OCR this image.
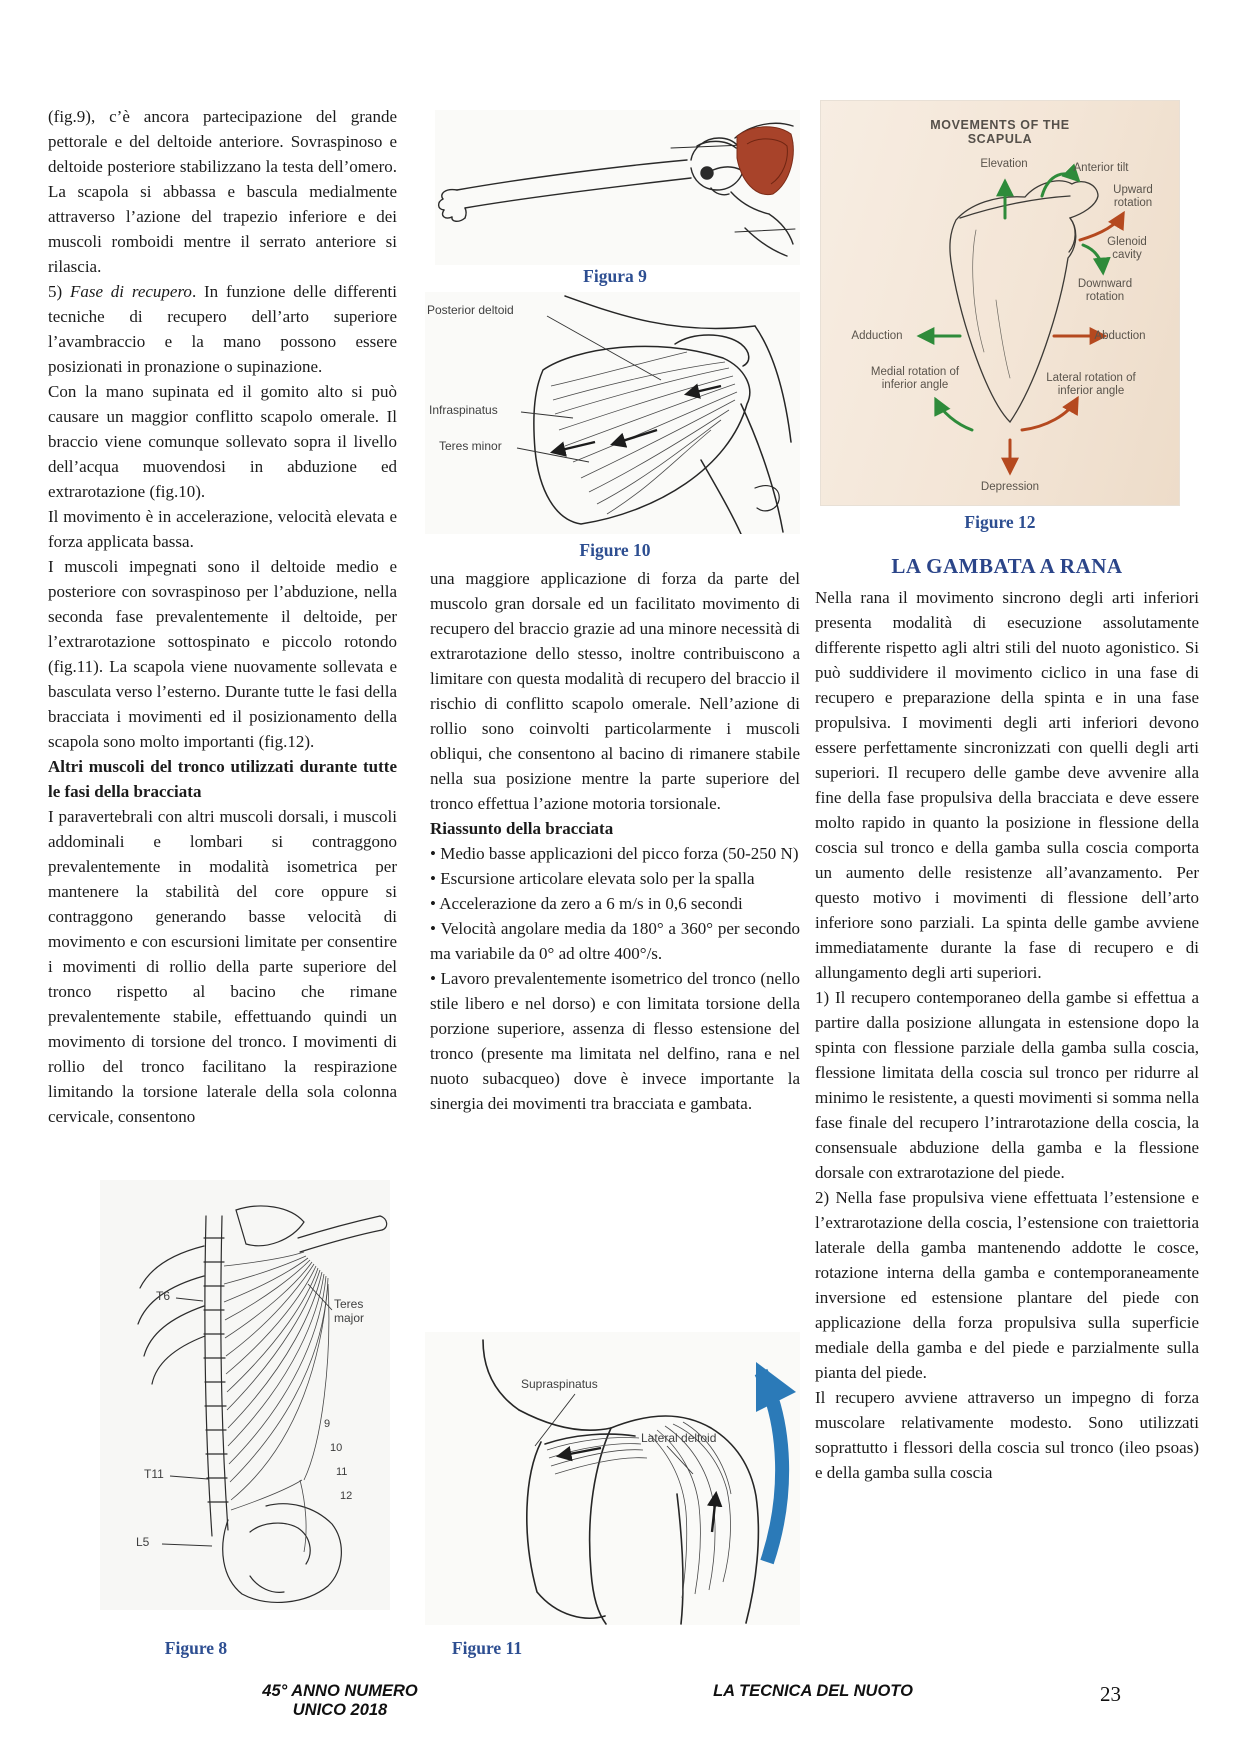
(fig.9), c’è ancora partecipazione del grande pettorale e del deltoide anteriore. Sovraspinoso e deltoide posteriore stabilizzano la testa dell’omero. La scapola si abbassa e bascula medialmente attraverso l’azione del trapezio inferiore e dei muscoli romboidi mentre il serrato anteriore si rilascia.

5) Fase di recupero. In funzione delle differenti tecniche di recupero dell’arto superiore l’avambraccio e la mano possono essere posizionati in pronazione o supinazione.

Con la mano supinata ed il gomito alto si può causare un maggior conflitto scapolo omerale. Il braccio viene comunque sollevato sopra il livello dell’acqua muovendosi in abduzione ed extrarotazione (fig.10).

Il movimento è in accelerazione, velocità elevata e forza applicata bassa.

I muscoli impegnati sono il deltoide medio e posteriore con sovraspinoso per l’abduzione, nella seconda fase prevalentemente il deltoide, per l’extrarotazione sottospinato e piccolo rotondo (fig.11). La scapola viene nuovamente sollevata e basculata verso l’esterno. Durante tutte le fasi della bracciata i movimenti ed il posizionamento della scapola sono molto importanti (fig.12).

Altri muscoli del tronco utilizzati durante tutte le fasi della bracciata

I paravertebrali con altri muscoli dorsali, i muscoli addominali e lombari si contraggono prevalentemente in modalità isometrica per mantenere la stabilità del core oppure si contraggono generando basse velocità di movimento e con escursioni limitate per consentire i movimenti di rollio della parte superiore del tronco rispetto al bacino che rimane prevalentemente stabile, effettuando quindi un movimento di torsione del tronco. I movimenti di rollio del tronco facilitano la respirazione limitando la torsione laterale della sola colonna cervicale, consentono

Figura 9
Posterior deltoid
Infraspinatus
Teres minor
Figure 10

una maggiore applicazione di forza da parte del muscolo gran dorsale ed un facilitato movimento di recupero del braccio grazie ad una minore necessità di extrarotazione dello stesso, inoltre contribuiscono a limitare con questa modalità di recupero del braccio il rischio di conflitto scapolo omerale. Nell’azione di rollio sono coinvolti particolarmente i muscoli obliqui, che consentono al bacino di rimanere stabile nella sua posizione mentre la parte superiore del tronco effettua l’azione motoria torsionale.

Riassunto della bracciata

• Medio basse applicazioni del picco forza (50-250 N)

• Escursione articolare elevata solo per la spalla

• Accelerazione da zero a 6 m/s in 0,6 secondi

• Velocità angolare media da 180° a 360° per secondo ma variabile da 0° ad oltre 400°/s.

• Lavoro prevalentemente isometrico del tronco (nello stile libero e nel dorso) e con limitata torsione della porzione superiore, assenza di flesso estensione del tronco (presente ma limitata nel delfino, rana e nel nuoto subacqueo) dove è invece importante la sinergia dei movimenti tra bracciata e gambata.

T6
T11
L5
Teres major
9
10
11
12
Figure 8
Supraspinatus
Lateral deltoid
Figure 11
MOVEMENTS OF THE SCAPULA
Elevation	Anterior tilt
Upward rotation
Glenoid cavity
Downward rotation
Adduction	Abduction
Medial rotation of inferior angle
Lateral rotation of inferior angle
Depression
Figure 12
LA GAMBATA A RANA

Nella rana il movimento sincrono degli arti inferiori presenta modalità di esecuzione assolutamente differente rispetto agli altri stili del nuoto agonistico. Si può suddividere il movimento ciclico in una fase di recupero e preparazione della spinta e in una fase propulsiva. I movimenti degli arti inferiori devono essere perfettamente sincronizzati con quelli degli arti superiori. Il recupero delle gambe deve avvenire alla fine della fase propulsiva della bracciata e deve essere molto rapido in quanto la posizione in flessione della coscia sul tronco e della gamba sulla coscia comporta un aumento delle resistenze all’avanzamento. Per questo motivo i movimenti di flessione dell’arto inferiore sono parziali. La spinta delle gambe avviene immediatamente durante la fase di recupero e di allungamento degli arti superiori.

1) Il recupero contemporaneo della gambe si effettua a partire dalla posizione allungata in estensione dopo la spinta con flessione parziale della gamba sulla coscia, flessione limitata della coscia sul tronco per ridurre al minimo le resistente, a questi movimenti si somma nella fase finale del recupero l’intrarotazione della coscia, la consensuale abduzione della gamba e la flessione dorsale con extrarotazione del piede.

2) Nella fase propulsiva viene effettuata l’estensione e l’extrarotazione della coscia, l’estensione con traiettoria laterale della gamba mantenendo addotte le cosce, rotazione interna della gamba e contemporaneamente inversione ed estensione plantare del piede con applicazione della forza propulsiva sulla superficie mediale della gamba e del piede e parzialmente sulla pianta del piede.

Il recupero avviene attraverso un impegno di forza muscolare relativamente modesto. Sono utilizzati soprattutto i flessori della coscia sul tronco (ileo psoas) e della gamba sulla coscia

45° ANNO NUMERO UNICO 2018
LA TECNICA DEL NUOTO	23
